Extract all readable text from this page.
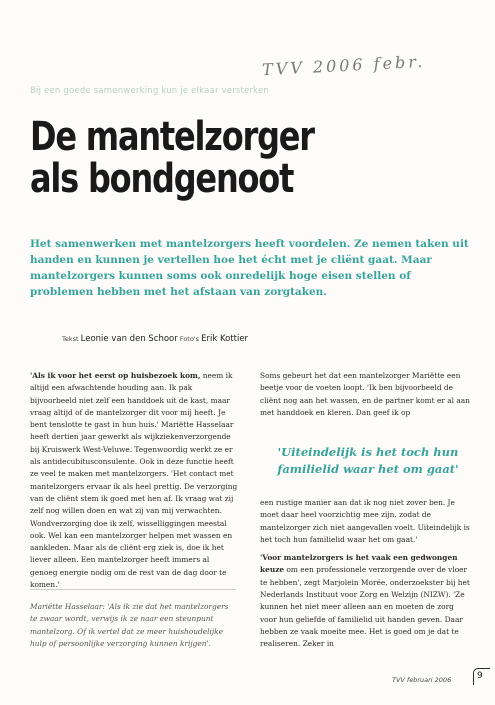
TVV 2006 febr.
Bij een goede samenwerking kun je elkaar versterken
De mantelzorger
als bondgenoot
Het samenwerken met mantelzorgers heeft voordelen. Ze nemen taken uit handen en kunnen je vertellen hoe het écht met je cliënt gaat. Maar mantelzorgers kunnen soms ook onredelijk hoge eisen stellen of problemen hebben met het afstaan van zorgtaken.
Tekst Leonie van den Schoor Foto's Erik Kottier

'Als ik voor het eerst op huisbezoek kom, neem ik altijd een afwachtende houding aan. Ik pak bijvoorbeeld niet zelf een handdoek uit de kast, maar vraag altijd of de mantelzorger dit voor mij heeft. Je bent tenslotte te gast in hun huis.' Mariëtte Hasselaar heeft dertien jaar gewerkt als wijkziekenverzorgende bij Kruiswerk West-Veluwe. Tegenwoordig werkt ze er als antidecubitusconsulente. Ook in deze functie heeft ze veel te maken met mantelzorgers. 'Het contact met mantelzorgers ervaar ik als heel prettig. De verzorging van de cliënt stem ik goed met hen af. Ik vraag wat zij zelf nog willen doen en wat zij van mij verwachten. Wondverzorging doe ik zelf, wisselliggingen meestal ook. Wel kan een mantelzorger helpen met wassen en aankleden. Maar als de cliënt erg ziek is, doe ik het liever alleen. Een mantelzorger heeft immers al genoeg energie nodig om de rest van de dag door te komen.'

Mariëtte Hasselaar: 'Als ik zie dat het mantelzorgers te zwaar wordt, verwijs ik ze naar een steunpunt mantelzorg. Of ik vertel dat ze meer huishoudelijke hulp of persoonlijke verzorging kunnen krijgen'.

Soms gebeurt het dat een mantelzorger Mariëtte een beetje voor de voeten loopt. 'Ik ben bijvoorbeeld de cliënt nog aan het wassen, en de partner komt er al aan met handdoek en kleren. Dan geef ik op

'Uiteindelijk is het toch hun familielid waar het om gaat'

een rustige manier aan dat ik nog niet zover ben. Je moet daar heel voorzichtig mee zijn, zodat de mantelzorger zich niet aangevallen voelt. Uiteindelijk is het toch hun familielid waar het om gaat.'

'Voor mantelzorgers is het vaak een gedwongen keuze om een professionele verzorgende over de vloer te hebben', zegt Marjolein Morée, onderzoekster bij het Nederlands Instituut voor Zorg en Welzijn (NIZW). 'Ze kunnen het niet meer alleen aan en moeten de zorg voor hun geliefde of familielid uit handen geven. Daar hebben ze vaak moeite mee. Het is goed om je dat te realiseren. Zeker in

TVV februari 2006	9
